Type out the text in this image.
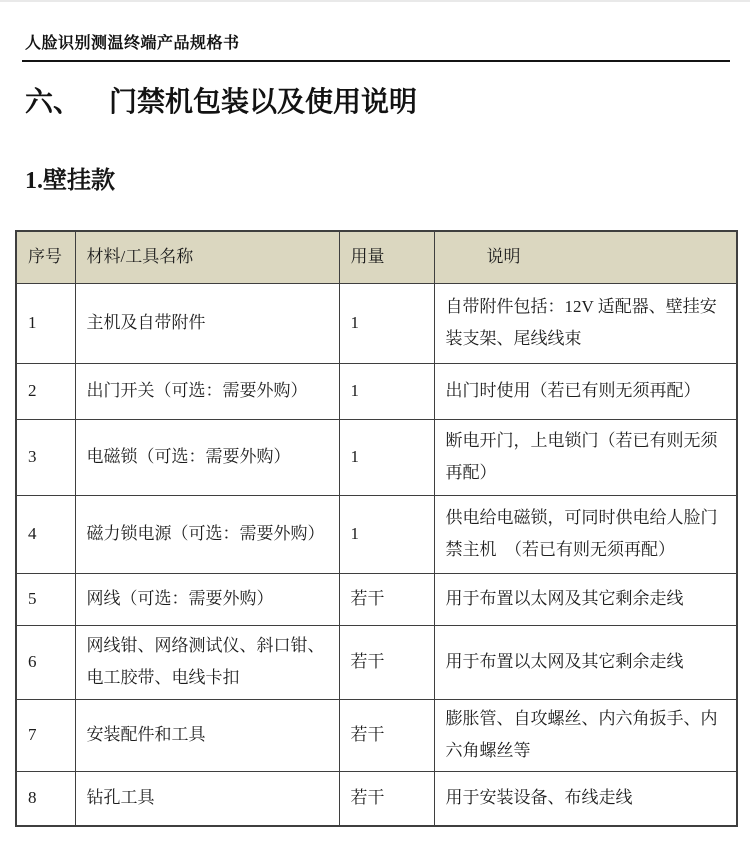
人脸识别测温终端产品规格书
六、 门禁机包装以及使用说明
1.壁挂款
序号	材料/工具名称	用量	说明
1	主机及自带附件	1	自带附件包括：12V 适配器、壁挂安装支架、尾线线束
2	出门开关（可选：需要外购）	1	出门时使用（若已有则无须再配）
3	电磁锁（可选：需要外购）	1	断电开门，上电锁门（若已有则无须再配）
4	磁力锁电源（可选：需要外购）	1	供电给电磁锁，可同时供电给人脸门禁主机　（若已有则无须再配）
5	网线（可选：需要外购）	若干	用于布置以太网及其它剩余走线
6	网线钳、网络测试仪、斜口钳、电工胶带、电线卡扣	若干	用于布置以太网及其它剩余走线
7	安装配件和工具	若干	膨胀管、自攻螺丝、内六角扳手、内六角螺丝等
8	钻孔工具	若干	用于安装设备、布线走线
